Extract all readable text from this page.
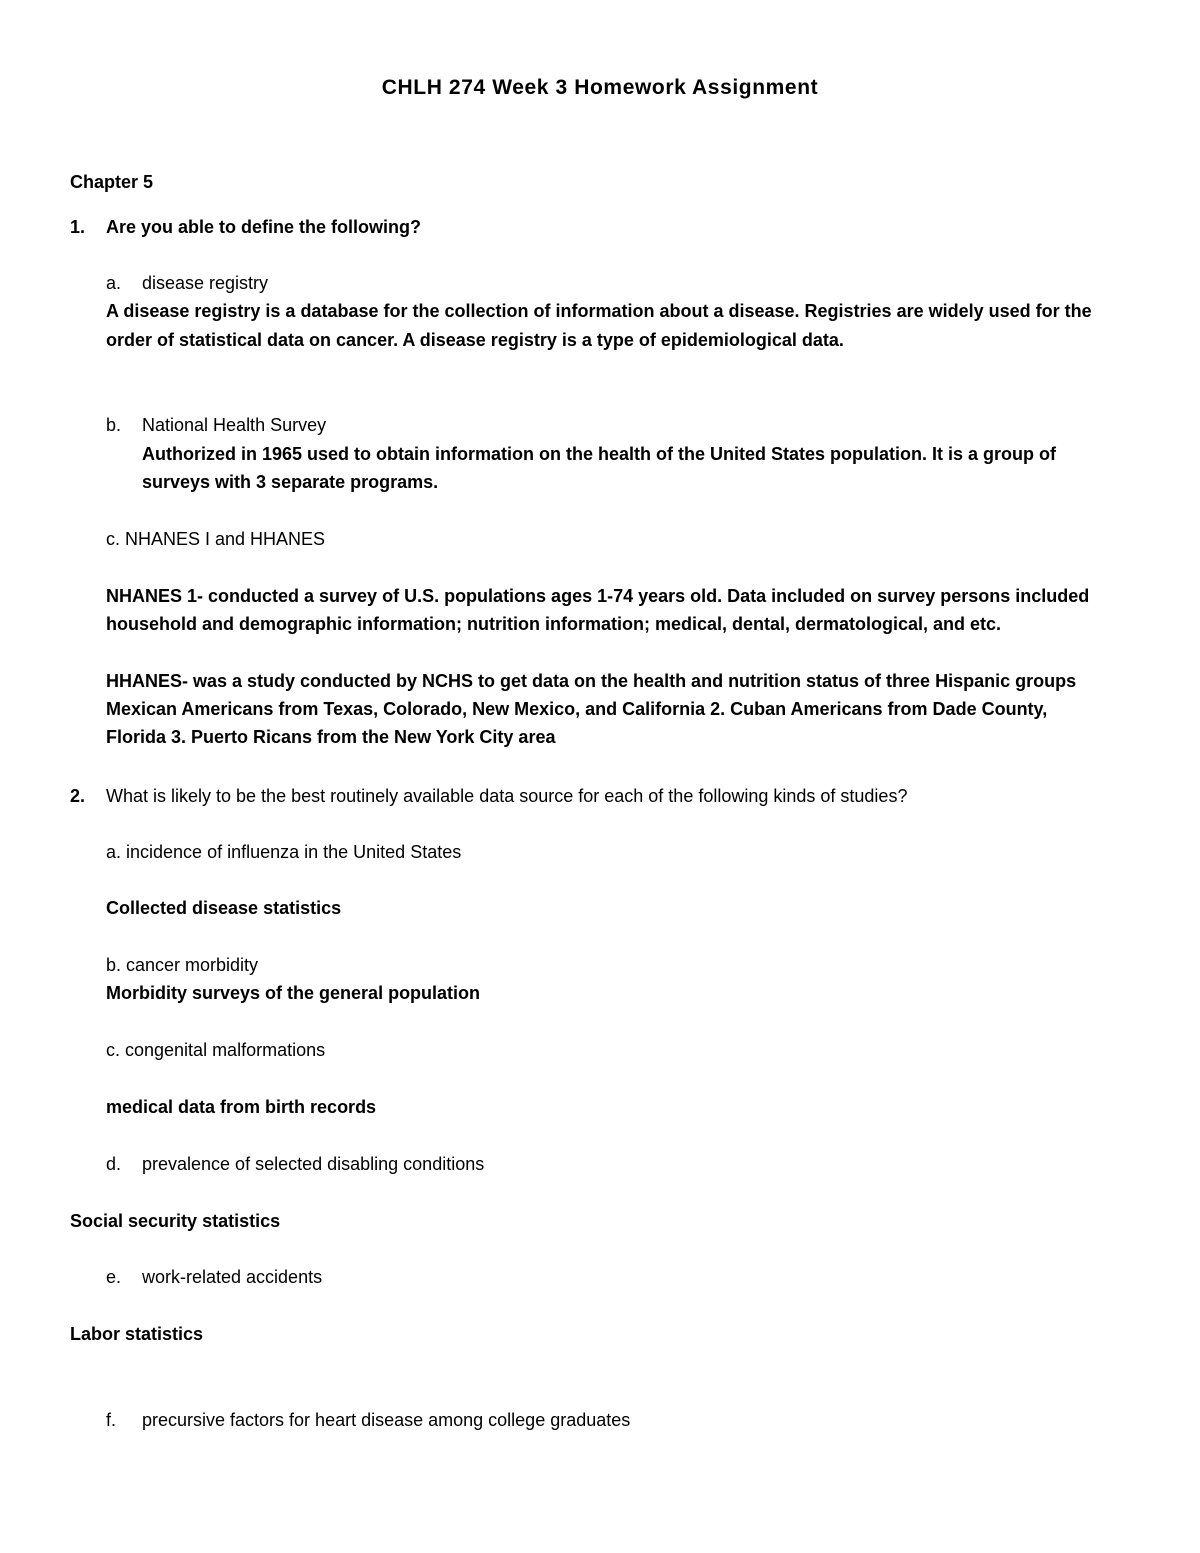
CHLH 274 Week 3 Homework Assignment
Chapter 5
1. Are you able to define the following?
a. disease registry
A disease registry is a database for the collection of information about a disease. Registries are widely used for the
order of statistical data on cancer. A disease registry is a type of epidemiological data.
b. National Health Survey
Authorized in 1965 used to obtain information on the health of the United States population. It is a group of
surveys with 3 separate programs.
c. NHANES I and HHANES
NHANES 1- conducted a survey of U.S. populations ages 1-74 years old. Data included on survey persons included
household and demographic information; nutrition information; medical, dental, dermatological, and etc.
HHANES- was a study conducted by NCHS to get data on the health and nutrition status of three Hispanic groups
Mexican Americans from Texas, Colorado, New Mexico, and California 2. Cuban Americans from Dade County,
Florida 3. Puerto Ricans from the New York City area
2. What is likely to be the best routinely available data source for each of the following kinds of studies?
a. incidence of influenza in the United States
Collected disease statistics
b. cancer morbidity
Morbidity surveys of the general population
c. congenital malformations
medical data from birth records
d. prevalence of selected disabling conditions
Social security statistics
e. work-related accidents
Labor statistics
f. precursive factors for heart disease among college graduates
